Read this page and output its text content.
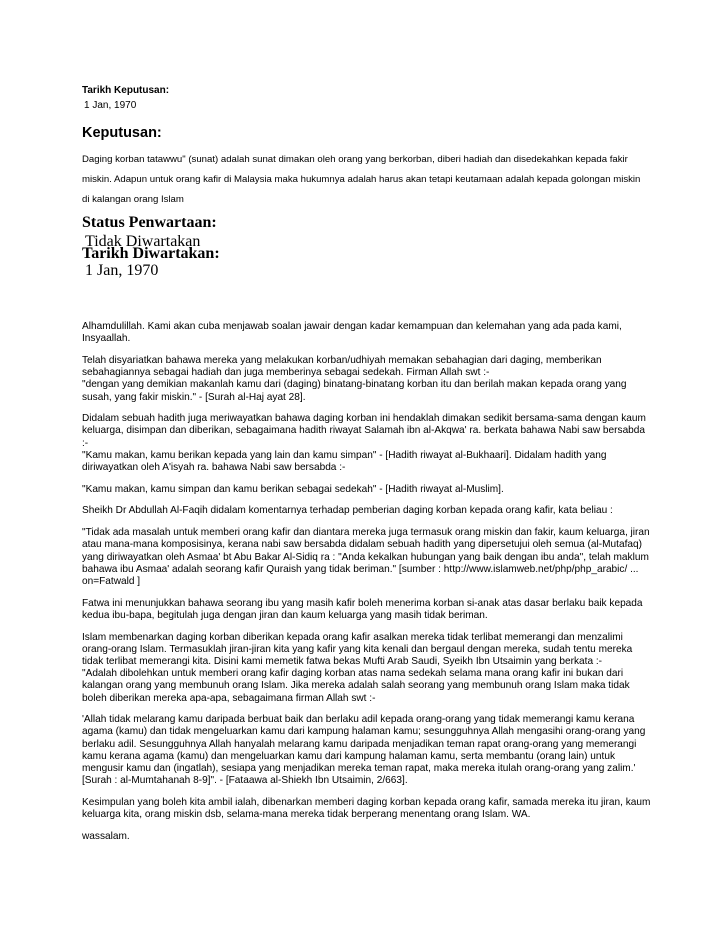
Tarikh Keputusan:
1 Jan, 1970
Keputusan:
Daging korban tatawwu" (sunat) adalah sunat dimakan oleh orang yang berkorban, diberi hadiah dan disedekahkan kepada fakir miskin. Adapun untuk orang kafir di Malaysia maka hukumnya adalah harus akan tetapi keutamaan adalah kepada golongan miskin di kalangan orang Islam
Status Penwartaan:
Tidak Diwartakan
Tarikh Diwartakan:
1 Jan, 1970

Alhamdulillah. Kami akan cuba menjawab soalan jawair dengan kadar kemampuan dan kelemahan yang ada pada kami, Insyaallah.

Telah disyariatkan bahawa mereka yang melakukan korban/udhiyah memakan sebahagian dari daging, memberikan sebahagiannya sebagai hadiah dan juga memberinya sebagai sedekah. Firman Allah swt :-
"dengan yang demikian makanlah kamu dari (daging) binatang-binatang korban itu dan berilah makan kepada orang yang susah, yang fakir miskin." - [Surah al-Haj ayat 28].

Didalam sebuah hadith juga meriwayatkan bahawa daging korban ini hendaklah dimakan sedikit bersama-sama dengan kaum keluarga, disimpan dan diberikan, sebagaimana hadith riwayat Salamah ibn al-Akqwa' ra. berkata bahawa Nabi saw bersabda :-
"Kamu makan, kamu berikan kepada yang lain dan kamu simpan" - [Hadith riwayat al-Bukhaari]. Didalam hadith yang diriwayatkan oleh A'isyah ra. bahawa Nabi saw bersabda :-

"Kamu makan, kamu simpan dan kamu berikan sebagai sedekah" - [Hadith riwayat al-Muslim].

Sheikh Dr Abdullah Al-Faqih didalam komentarnya terhadap pemberian daging korban kepada orang kafir, kata beliau :

"Tidak ada masalah untuk memberi orang kafir dan diantara mereka juga termasuk orang miskin dan fakir, kaum keluarga, jiran atau mana-mana komposisinya, kerana nabi saw bersabda didalam sebuah hadith yang dipersetujui oleh semua (al-Mutafaq) yang diriwayatkan oleh Asmaa' bt Abu Bakar Al-Sidiq ra : "Anda kekalkan hubungan yang baik dengan ibu anda", telah maklum bahawa ibu Asmaa' adalah seorang kafir Quraish yang tidak beriman." [sumber : http://www.islamweb.net/php/php_arabic/ ... on=Fatwald ]

Fatwa ini menunjukkan bahawa seorang ibu yang masih kafir boleh menerima korban si-anak atas dasar berlaku baik kepada kedua ibu-bapa, begitulah juga dengan jiran dan kaum keluarga yang masih tidak beriman.

Islam membenarkan daging korban diberikan kepada orang kafir asalkan mereka tidak terlibat memerangi dan menzalimi orang-orang Islam. Termasuklah jiran-jiran kita yang kafir yang kita kenali dan bergaul dengan mereka, sudah tentu mereka tidak terlibat memerangi kita. Disini kami memetik fatwa bekas Mufti Arab Saudi, Syeikh Ibn Utsaimin yang berkata :-
"Adalah dibolehkan untuk memberi orang kafir daging korban atas nama sedekah selama mana orang kafir ini bukan dari kalangan orang yang membunuh orang Islam. Jika mereka adalah salah seorang yang membunuh orang Islam maka tidak boleh diberikan mereka apa-apa, sebagaimana firman Allah swt :-

'Allah tidak melarang kamu daripada berbuat baik dan berlaku adil kepada orang-orang yang tidak memerangi kamu kerana agama (kamu) dan tidak mengeluarkan kamu dari kampung halaman kamu; sesungguhnya Allah mengasihi orang-orang yang berlaku adil. Sesungguhnya Allah hanyalah melarang kamu daripada menjadikan teman rapat orang-orang yang memerangi kamu kerana agama (kamu) dan mengeluarkan kamu dari kampung halaman kamu, serta membantu (orang lain) untuk mengusir kamu dan (ingatlah), sesiapa yang menjadikan mereka teman rapat, maka mereka itulah orang-orang yang zalim.' [Surah : al-Mumtahanah 8-9]". - [Fataawa al-Shiekh Ibn Utsaimin, 2/663].

Kesimpulan yang boleh kita ambil ialah, dibenarkan memberi daging korban kepada orang kafir, samada mereka itu jiran, kaum keluarga kita, orang miskin dsb, selama-mana mereka tidak berperang menentang orang Islam. WA.

wassalam.
